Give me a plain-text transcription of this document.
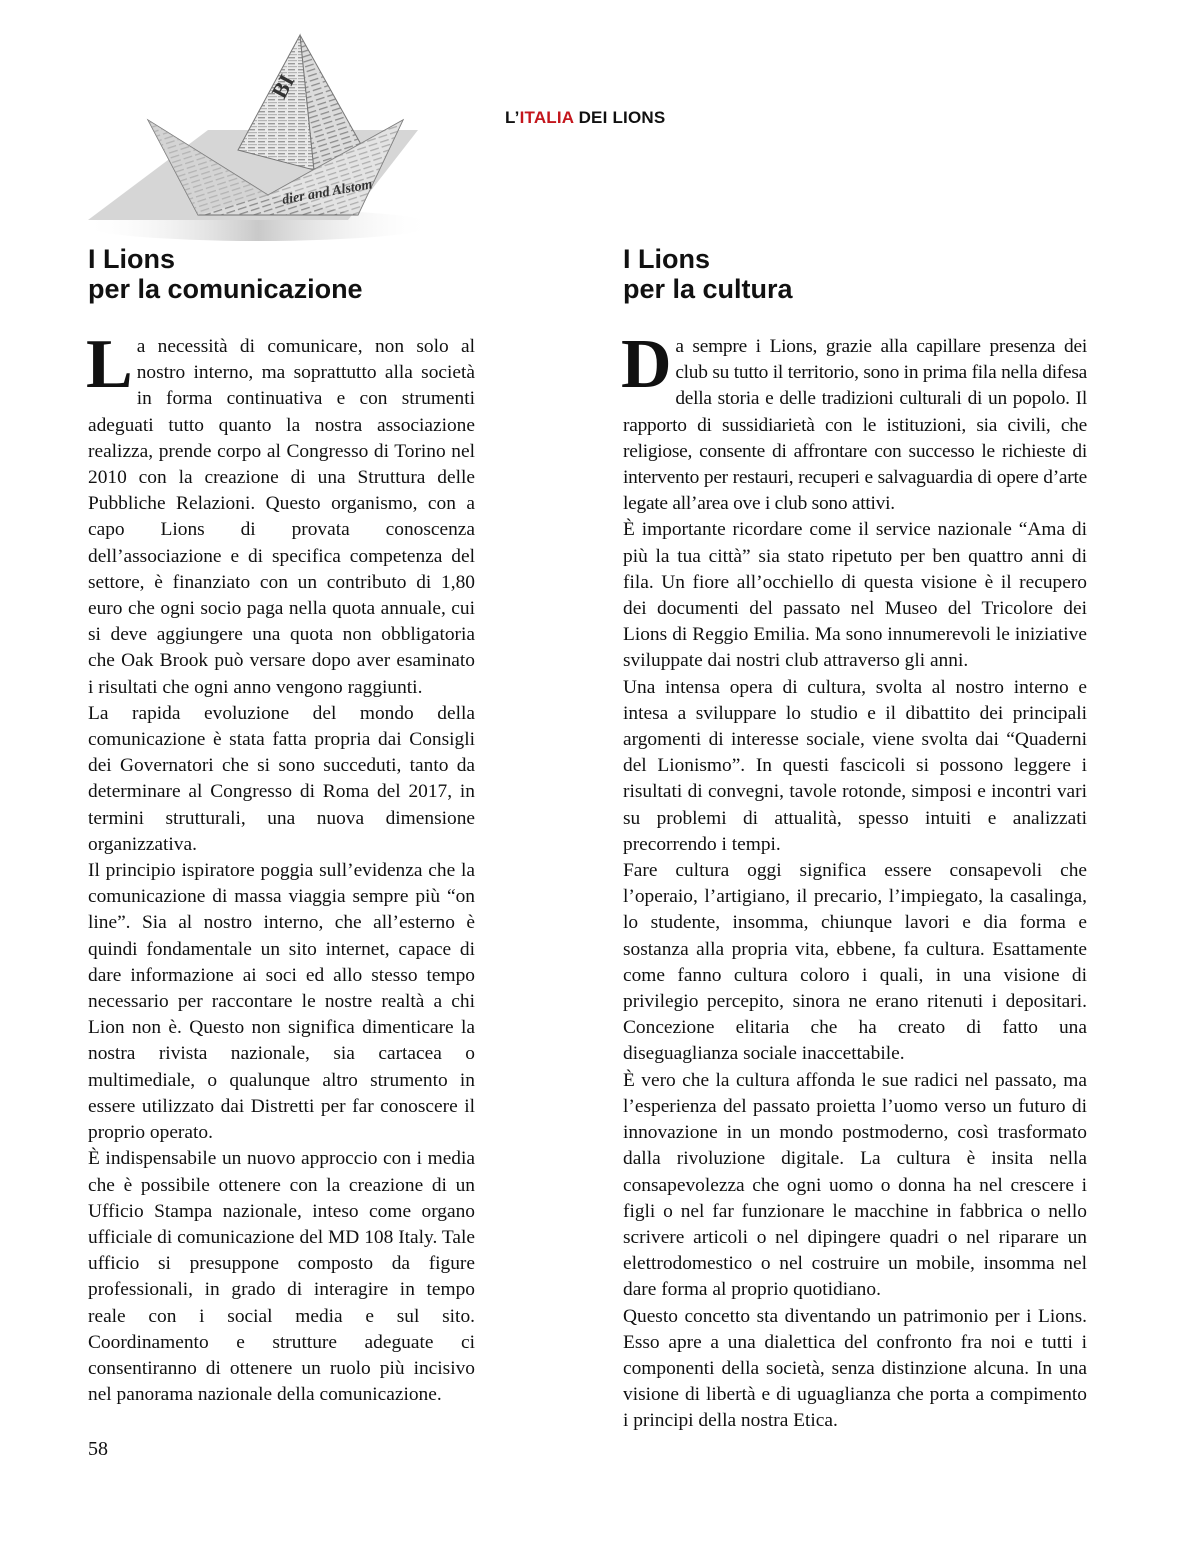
BI
dier and Alstom
L’ITALIA DEI LIONS
I Lions
per la comunicazione

La necessità di comunicare, non solo al nostro interno, ma soprattutto alla società in forma continuativa e con strumenti adeguati tutto quanto la nostra associazione realizza, prende corpo al Congresso di Torino nel 2010 con la creazione di una Struttura delle Pubbliche Relazioni. Questo organismo, con a capo Lions di provata conoscenza dell’associazione e di specifica competenza del settore, è finanziato con un contributo di 1,80 euro che ogni socio paga nella quota annuale, cui si deve aggiungere una quota non obbligatoria che Oak Brook può versare dopo aver esaminato i risultati che ogni anno vengono raggiunti.

La rapida evoluzione del mondo della comunicazione è stata fatta propria dai Consigli dei Governatori che si sono succeduti, tanto da determinare al Congresso di Roma del 2017, in termini strutturali, una nuova dimensione organizzativa.

Il principio ispiratore poggia sull’evidenza che la comunicazione di massa viaggia sempre più “on line”. Sia al nostro interno, che all’esterno è quindi fondamentale un sito internet, capace di dare informazione ai soci ed allo stesso tempo necessario per raccontare le nostre realtà a chi Lion non è. Questo non significa dimenticare la nostra rivista nazionale, sia cartacea o multimediale, o qualunque altro strumento in essere utilizzato dai Distretti per far conoscere il proprio operato.

È indispensabile un nuovo approccio con i media che è possibile ottenere con la creazione di un Ufficio Stampa nazionale, inteso come organo ufficiale di comunicazione del MD 108 Italy. Tale ufficio si presuppone composto da figure professionali, in grado di interagire in tempo reale con i social media e sul sito. Coordinamento e strutture adeguate ci consentiranno di ottenere un ruolo più incisivo nel panorama nazionale della comunicazione.

I Lions
per la cultura

Da sempre i Lions, grazie alla capillare presenza dei club su tutto il territorio, sono in prima fila nella difesa della storia e delle tradizioni culturali di un popolo. Il rapporto di sussidiarietà con le istituzioni, sia civili, che religiose, consente di affrontare con successo le richieste di intervento per restauri, recuperi e salvaguardia di opere d’arte legate all’area ove i club sono attivi.

È importante ricordare come il service nazionale “Ama di più la tua città” sia stato ripetuto per ben quattro anni di fila. Un fiore all’occhiello di questa visione è il recupero dei documenti del passato nel Museo del Tricolore dei Lions di Reggio Emilia. Ma sono innumerevoli le iniziative sviluppate dai nostri club attraverso gli anni.

Una intensa opera di cultura, svolta al nostro interno e intesa a sviluppare lo studio e il dibattito dei principali argomenti di interesse sociale, viene svolta dai “Quaderni del Lionismo”. In questi fascicoli si possono leggere i risultati di convegni, tavole rotonde, simposi e incontri vari su problemi di attualità, spesso intuiti e analizzati precorrendo i tempi.

Fare cultura oggi significa essere consapevoli che l’operaio, l’artigiano, il precario, l’impiegato, la casalinga, lo studente, insomma, chiunque lavori e dia forma e sostanza alla propria vita, ebbene, fa cultura. Esattamente come fanno cultura coloro i quali, in una visione di privilegio percepito, sinora ne erano ritenuti i depositari. Concezione elitaria che ha creato di fatto una diseguaglianza sociale inaccettabile.

È vero che la cultura affonda le sue radici nel passato, ma l’esperienza del passato proietta l’uomo verso un futuro di innovazione in un mondo postmoderno, così trasformato dalla rivoluzione digitale. La cultura è insita nella consapevolezza che ogni uomo o donna ha nel crescere i figli o nel far funzionare le macchine in fabbrica o nello scrivere articoli o nel dipingere quadri o nel riparare un elettrodomestico o nel costruire un mobile, insomma nel dare forma al proprio quotidiano.

Questo concetto sta diventando un patrimonio per i Lions. Esso apre a una dialettica del confronto fra noi e tutti i componenti della società, senza distinzione alcuna. In una visione di libertà e di uguaglianza che porta a compimento i principi della nostra Etica.

58
